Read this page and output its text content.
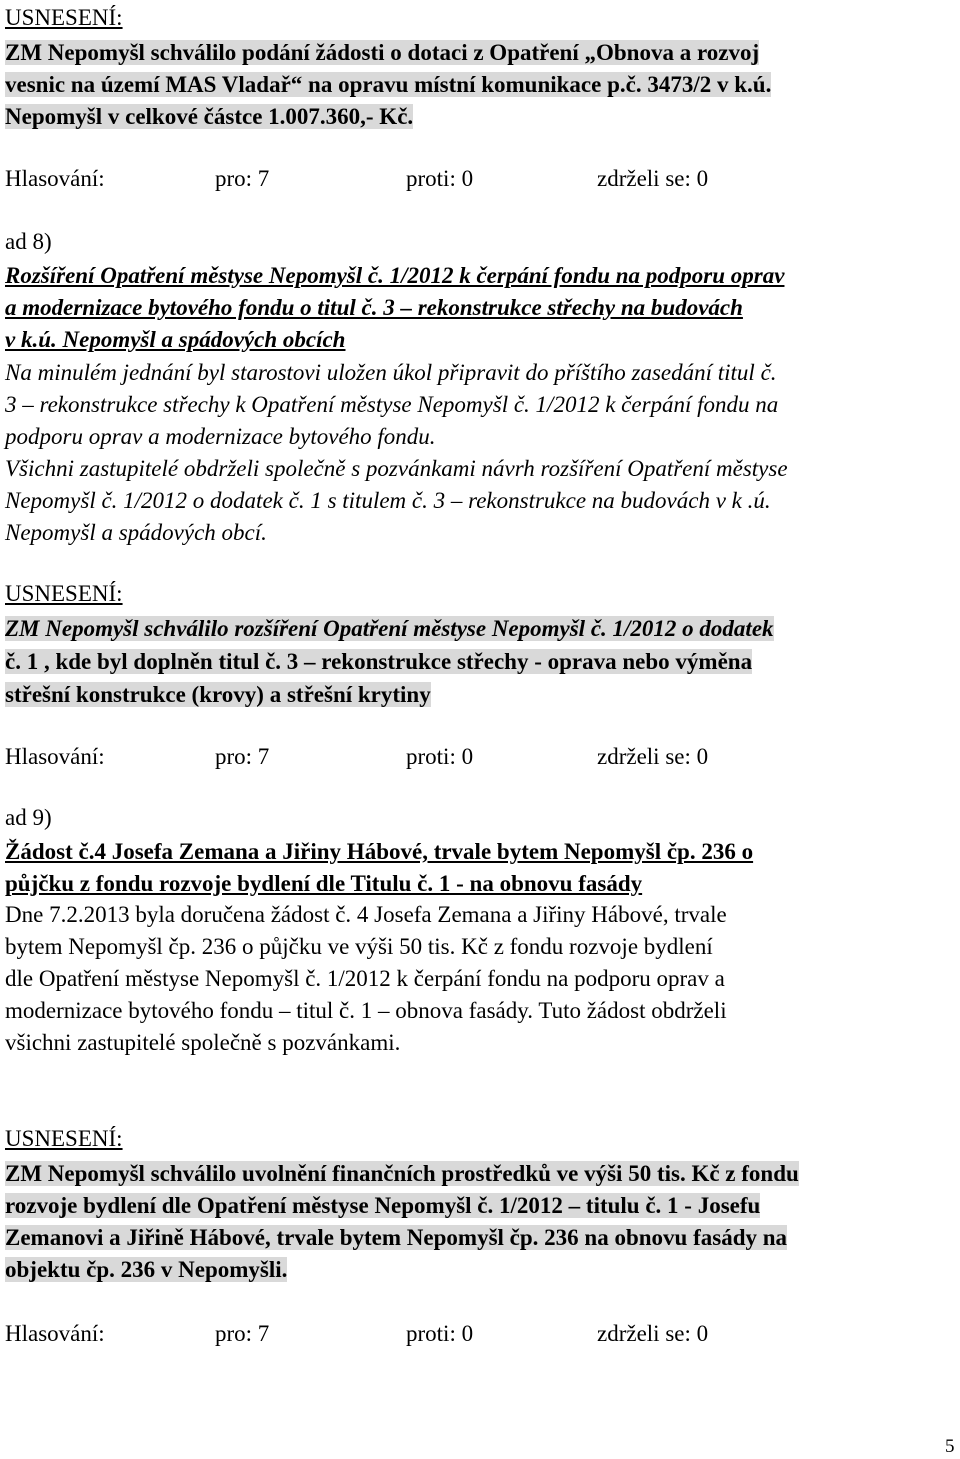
USNESENÍ:
ZM Nepomyšl schválilo podání žádosti o dotaci z Opatření „Obnova a rozvoj
vesnic na území MAS Vladař“ na opravu místní komunikace p.č. 3473/2 v k.ú.
Nepomyšl v celkové částce 1.007.360,- Kč.
Hlasování:	pro: 7	proti: 0	zdrželi se: 0
ad 8)
Rozšíření Opatření městyse Nepomyšl č. 1/2012 k čerpání fondu na podporu oprav
a modernizace bytového fondu o titul č. 3 – rekonstrukce střechy na budovách
v k.ú. Nepomyšl a spádových obcích
Na minulém jednání byl starostovi uložen úkol připravit do příštího zasedání titul č.
3 – rekonstrukce střechy k Opatření městyse Nepomyšl č. 1/2012 k čerpání fondu na
podporu oprav a modernizace bytového fondu.
Všichni zastupitelé obdrželi společně s pozvánkami návrh rozšíření Opatření městyse
Nepomyšl č. 1/2012 o dodatek č. 1 s titulem č. 3 – rekonstrukce na budovách v k .ú.
Nepomyšl a spádových obcí.
USNESENÍ:
ZM Nepomyšl schválilo rozšíření Opatření městyse Nepomyšl č. 1/2012 o dodatek
č. 1 , kde byl doplněn titul č. 3 – rekonstrukce střechy - oprava nebo výměna
střešní konstrukce (krovy) a střešní krytiny
Hlasování:	pro: 7	proti: 0	zdrželi se: 0
ad 9)
Žádost č.4 Josefa Zemana a Jiřiny Hábové, trvale bytem Nepomyšl čp. 236 o
půjčku z fondu rozvoje bydlení dle Titulu č. 1 - na obnovu fasády
Dne 7.2.2013 byla doručena žádost č. 4 Josefa Zemana a Jiřiny Hábové, trvale
bytem Nepomyšl čp. 236 o půjčku ve výši 50 tis. Kč z fondu rozvoje bydlení
dle Opatření městyse Nepomyšl č. 1/2012 k čerpání fondu na podporu oprav a
modernizace bytového fondu – titul č. 1 – obnova fasády. Tuto žádost obdrželi
všichni zastupitelé společně s pozvánkami.
USNESENÍ:
ZM Nepomyšl schválilo uvolnění finančních prostředků ve výši 50 tis. Kč z fondu
rozvoje bydlení dle Opatření městyse Nepomyšl č. 1/2012 – titulu č. 1 - Josefu
Zemanovi a Jiřině Hábové, trvale bytem Nepomyšl čp. 236 na obnovu fasády na
objektu čp. 236 v Nepomyšli.
Hlasování:	pro: 7	proti: 0	zdrželi se: 0
5
